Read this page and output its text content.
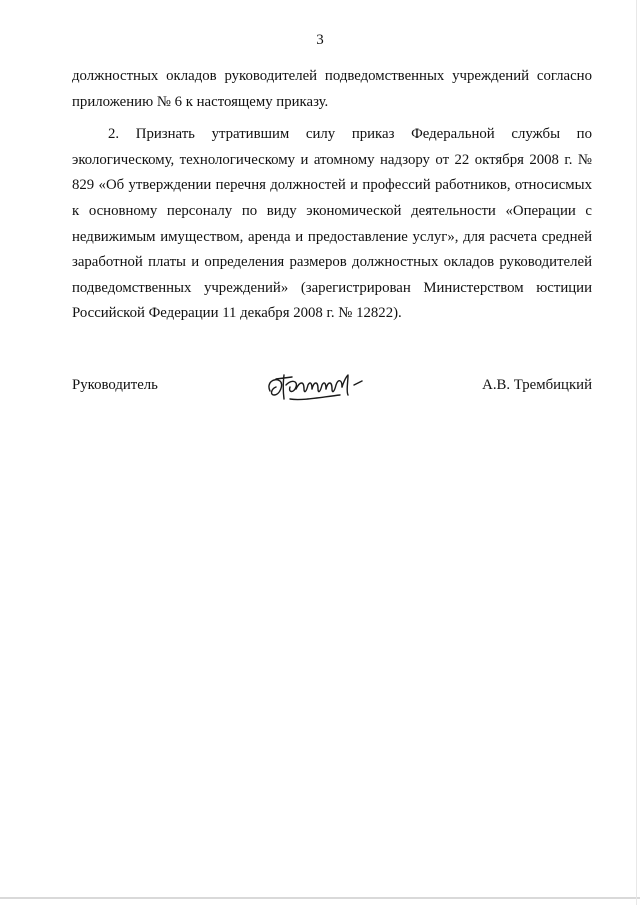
3

должностных окладов руководителей подведомственных учреждений согласно приложению № 6 к настоящему приказу.

2. Признать утратившим силу приказ Федеральной службы по экологическому, технологическому и атомному надзору от 22 октября 2008 г. № 829 «Об утверждении перечня должностей и профессий работников, относисмых к основному персоналу по виду экономической деятельности «Операции с недвижимым имуществом, аренда и предоставление услуг», для расчета средней заработной платы и определения размеров должностных окладов руководителей подведомственных учреждений» (зарегистрирован Министерством юстиции Российской Федерации 11 декабря 2008 г. № 12822).

Руководитель	А.В. Трембицкий
